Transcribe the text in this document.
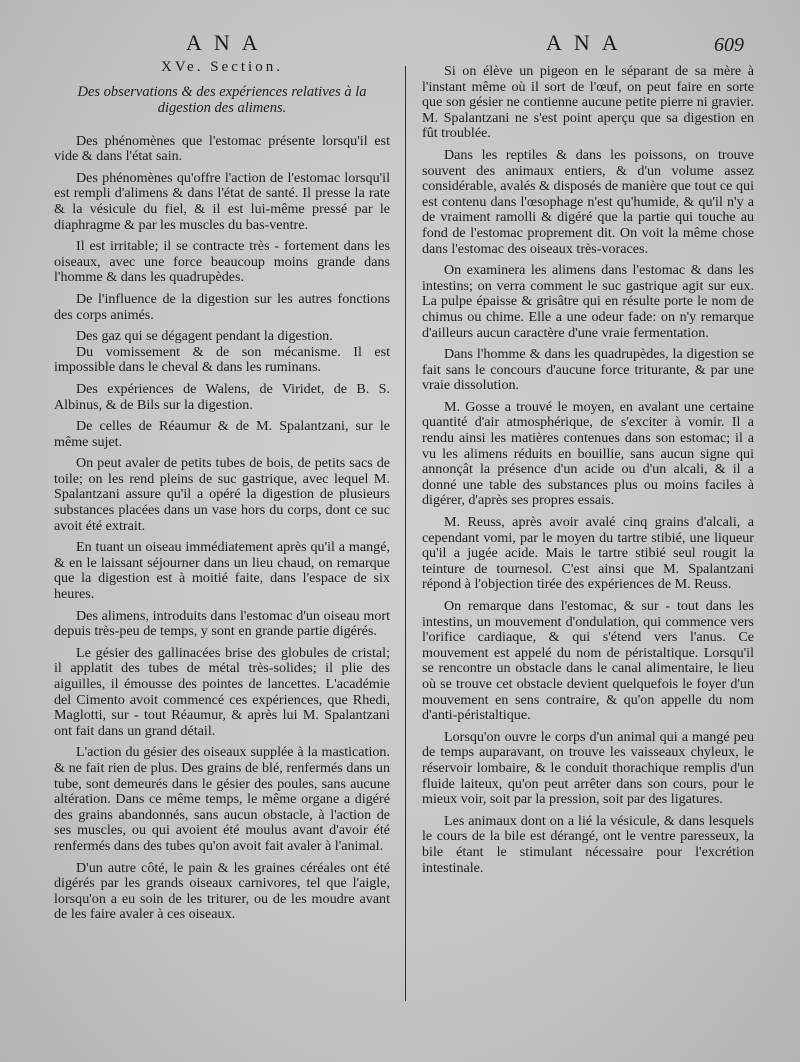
ANA	ANA	609
XVe. Section.
Des observations & des expériences relatives à la digestion des alimens.

Des phénomènes que l'estomac présente lorsqu'il est vide & dans l'état sain.

Des phénomènes qu'offre l'action de l'estomac lorsqu'il est rempli d'alimens & dans l'état de santé. Il presse la rate & la vésicule du fiel, & il est lui-même pressé par le diaphragme & par les muscles du bas-ventre.

Il est irritable; il se contracte très - fortement dans les oiseaux, avec une force beaucoup moins grande dans l'homme & dans les quadrupèdes.

De l'influence de la digestion sur les autres fonctions des corps animés.

Des gaz qui se dégagent pendant la digestion.

Du vomissement & de son mécanisme. Il est impossible dans le cheval & dans les ruminans.

Des expériences de Walens, de Viridet, de B. S. Albinus, & de Bils sur la digestion.

De celles de Réaumur & de M. Spalantzani, sur le même sujet.

On peut avaler de petits tubes de bois, de petits sacs de toile; on les rend pleins de suc gastrique, avec lequel M. Spalantzani assure qu'il a opéré la digestion de plusieurs substances placées dans un vase hors du corps, dont ce suc avoit été extrait.

En tuant un oiseau immédiatement après qu'il a mangé, & en le laissant séjourner dans un lieu chaud, on remarque que la digestion est à moitié faite, dans l'espace de six heures.

Des alimens, introduits dans l'estomac d'un oiseau mort depuis très-peu de temps, y sont en grande partie digérés.

Le gésier des gallinacées brise des globules de cristal; il applatit des tubes de métal très-solides; il plie des aiguilles, il émousse des pointes de lancettes. L'académie del Cimento avoit commencé ces expériences, que Rhedi, Maglotti, sur - tout Réaumur, & après lui M. Spalantzani ont fait dans un grand détail.

L'action du gésier des oiseaux supplée à la mastication. & ne fait rien de plus. Des grains de blé, renfermés dans un tube, sont demeurés dans le gésier des poules, sans aucune altération. Dans ce même temps, le même organe a digéré des grains abandonnés, sans aucun obstacle, à l'action de ses muscles, ou qui avoient été moulus avant d'avoir été renfermés dans des tubes qu'on avoit fait avaler à l'animal.

D'un autre côté, le pain & les graines céréales ont été digérés par les grands oiseaux carnivores, tel que l'aigle, lorsqu'on a eu soin de les triturer, ou de les moudre avant de les faire avaler à ces oiseaux.

Si on élève un pigeon en le séparant de sa mère à l'instant même où il sort de l'œuf, on peut faire en sorte que son gésier ne contienne aucune petite pierre ni gravier. M. Spalantzani ne s'est point aperçu que sa digestion en fût troublée.

Dans les reptiles & dans les poissons, on trouve souvent des animaux entiers, & d'un volume assez considérable, avalés & disposés de manière que tout ce qui est contenu dans l'œsophage n'est qu'humide, & qu'il n'y a de vraiment ramolli & digéré que la partie qui touche au fond de l'estomac proprement dit. On voit la même chose dans l'estomac des oiseaux très-voraces.

On examinera les alimens dans l'estomac & dans les intestins; on verra comment le suc gastrique agit sur eux. La pulpe épaisse & grisâtre qui en résulte porte le nom de chimus ou chime. Elle a une odeur fade: on n'y remarque d'ailleurs aucun caractère d'une vraie fermentation.

Dans l'homme & dans les quadrupèdes, la digestion se fait sans le concours d'aucune force triturante, & par une vraie dissolution.

M. Gosse a trouvé le moyen, en avalant une certaine quantité d'air atmosphérique, de s'exciter à vomir. Il a rendu ainsi les matières contenues dans son estomac; il a vu les alimens réduits en bouillie, sans aucun signe qui annonçât la présence d'un acide ou d'un alcali, & il a donné une table des substances plus ou moins faciles à digérer, d'après ses propres essais.

M. Reuss, après avoir avalé cinq grains d'alcali, a cependant vomi, par le moyen du tartre stibié, une liqueur qu'il a jugée acide. Mais le tartre stibié seul rougit la teinture de tournesol. C'est ainsi que M. Spalantzani répond à l'objection tirée des expériences de M. Reuss.

On remarque dans l'estomac, & sur - tout dans les intestins, un mouvement d'ondulation, qui commence vers l'orifice cardiaque, & qui s'étend vers l'anus. Ce mouvement est appelé du nom de péristaltique. Lorsqu'il se rencontre un obstacle dans le canal alimentaire, le lieu où se trouve cet obstacle devient quelquefois le foyer d'un mouvement en sens contraire, & qu'on appelle du nom d'anti-péristaltique.

Lorsqu'on ouvre le corps d'un animal qui a mangé peu de temps auparavant, on trouve les vaisseaux chyleux, le réservoir lombaire, & le conduit thorachique remplis d'un fluide laiteux, qu'on peut arrêter dans son cours, pour le mieux voir, soit par la pression, soit par des ligatures.

Les animaux dont on a lié la vésicule, & dans lesquels le cours de la bile est dérangé, ont le ventre paresseux, la bile étant le stimulant nécessaire pour l'excrétion intestinale.
